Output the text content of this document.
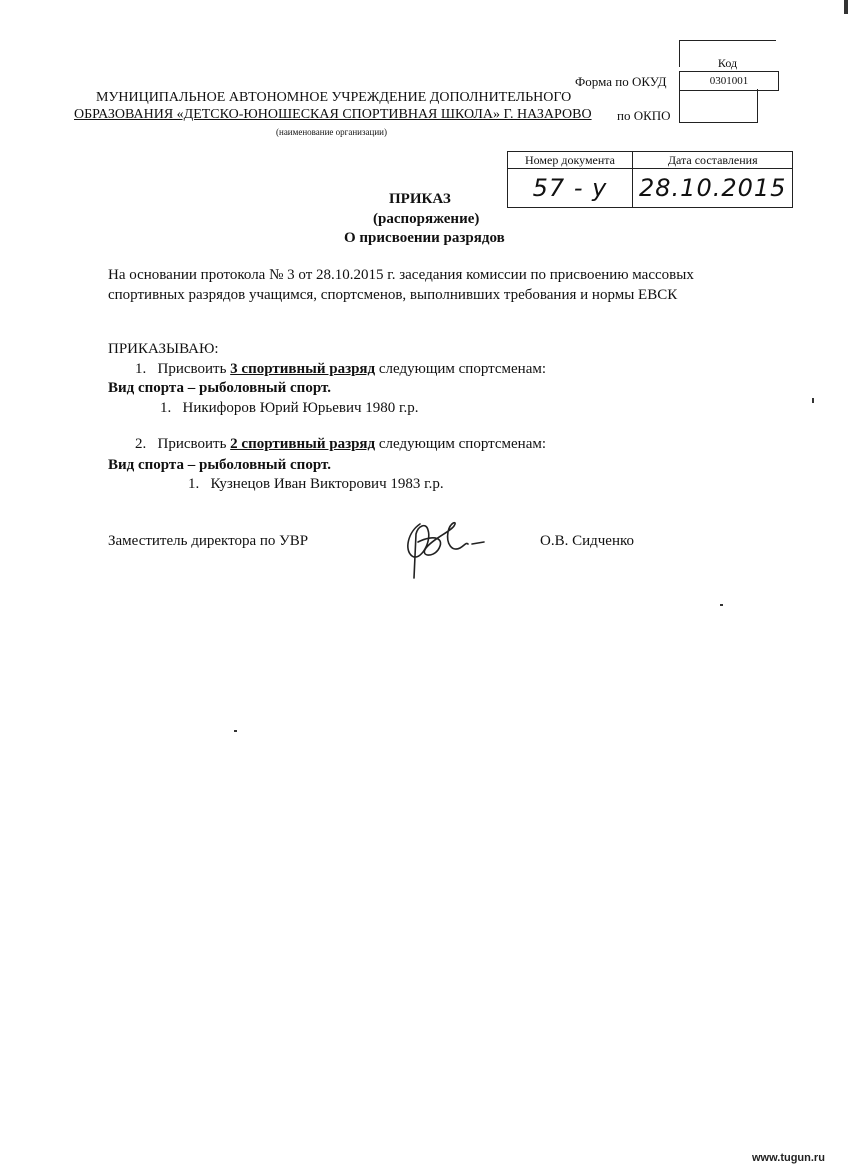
Код
Форма по ОКУД	0301001
по ОКПО
МУНИЦИПАЛЬНОЕ АВТОНОМНОЕ УЧРЕЖДЕНИЕ ДОПОЛНИТЕЛЬНОГО
ОБРАЗОВАНИЯ «ДЕТСКО-ЮНОШЕСКАЯ СПОРТИВНАЯ ШКОЛА» Г. НАЗАРОВО
(наименование организации)
Номер документа	Дата составления
57 - у	28.10.2015
ПРИКАЗ
(распоряжение)
О присвоении разрядов
На основании протокола № 3 от 28.10.2015 г. заседания комиссии по присвоению массовых спортивных разрядов учащимся, спортсменов, выполнивших требования и нормы ЕВСК
ПРИКАЗЫВАЮ:
1. Присвоить 3 спортивный разряд следующим спортсменам:
Вид спорта – рыболовный спорт.
1. Никифоров Юрий Юрьевич 1980 г.р.
2. Присвоить 2 спортивный разряд следующим спортсменам:
Вид спорта – рыболовный спорт.
1. Кузнецов Иван Викторович 1983 г.р.
Заместитель директора по УВР	О.В. Сидченко
www.tugun.ru
